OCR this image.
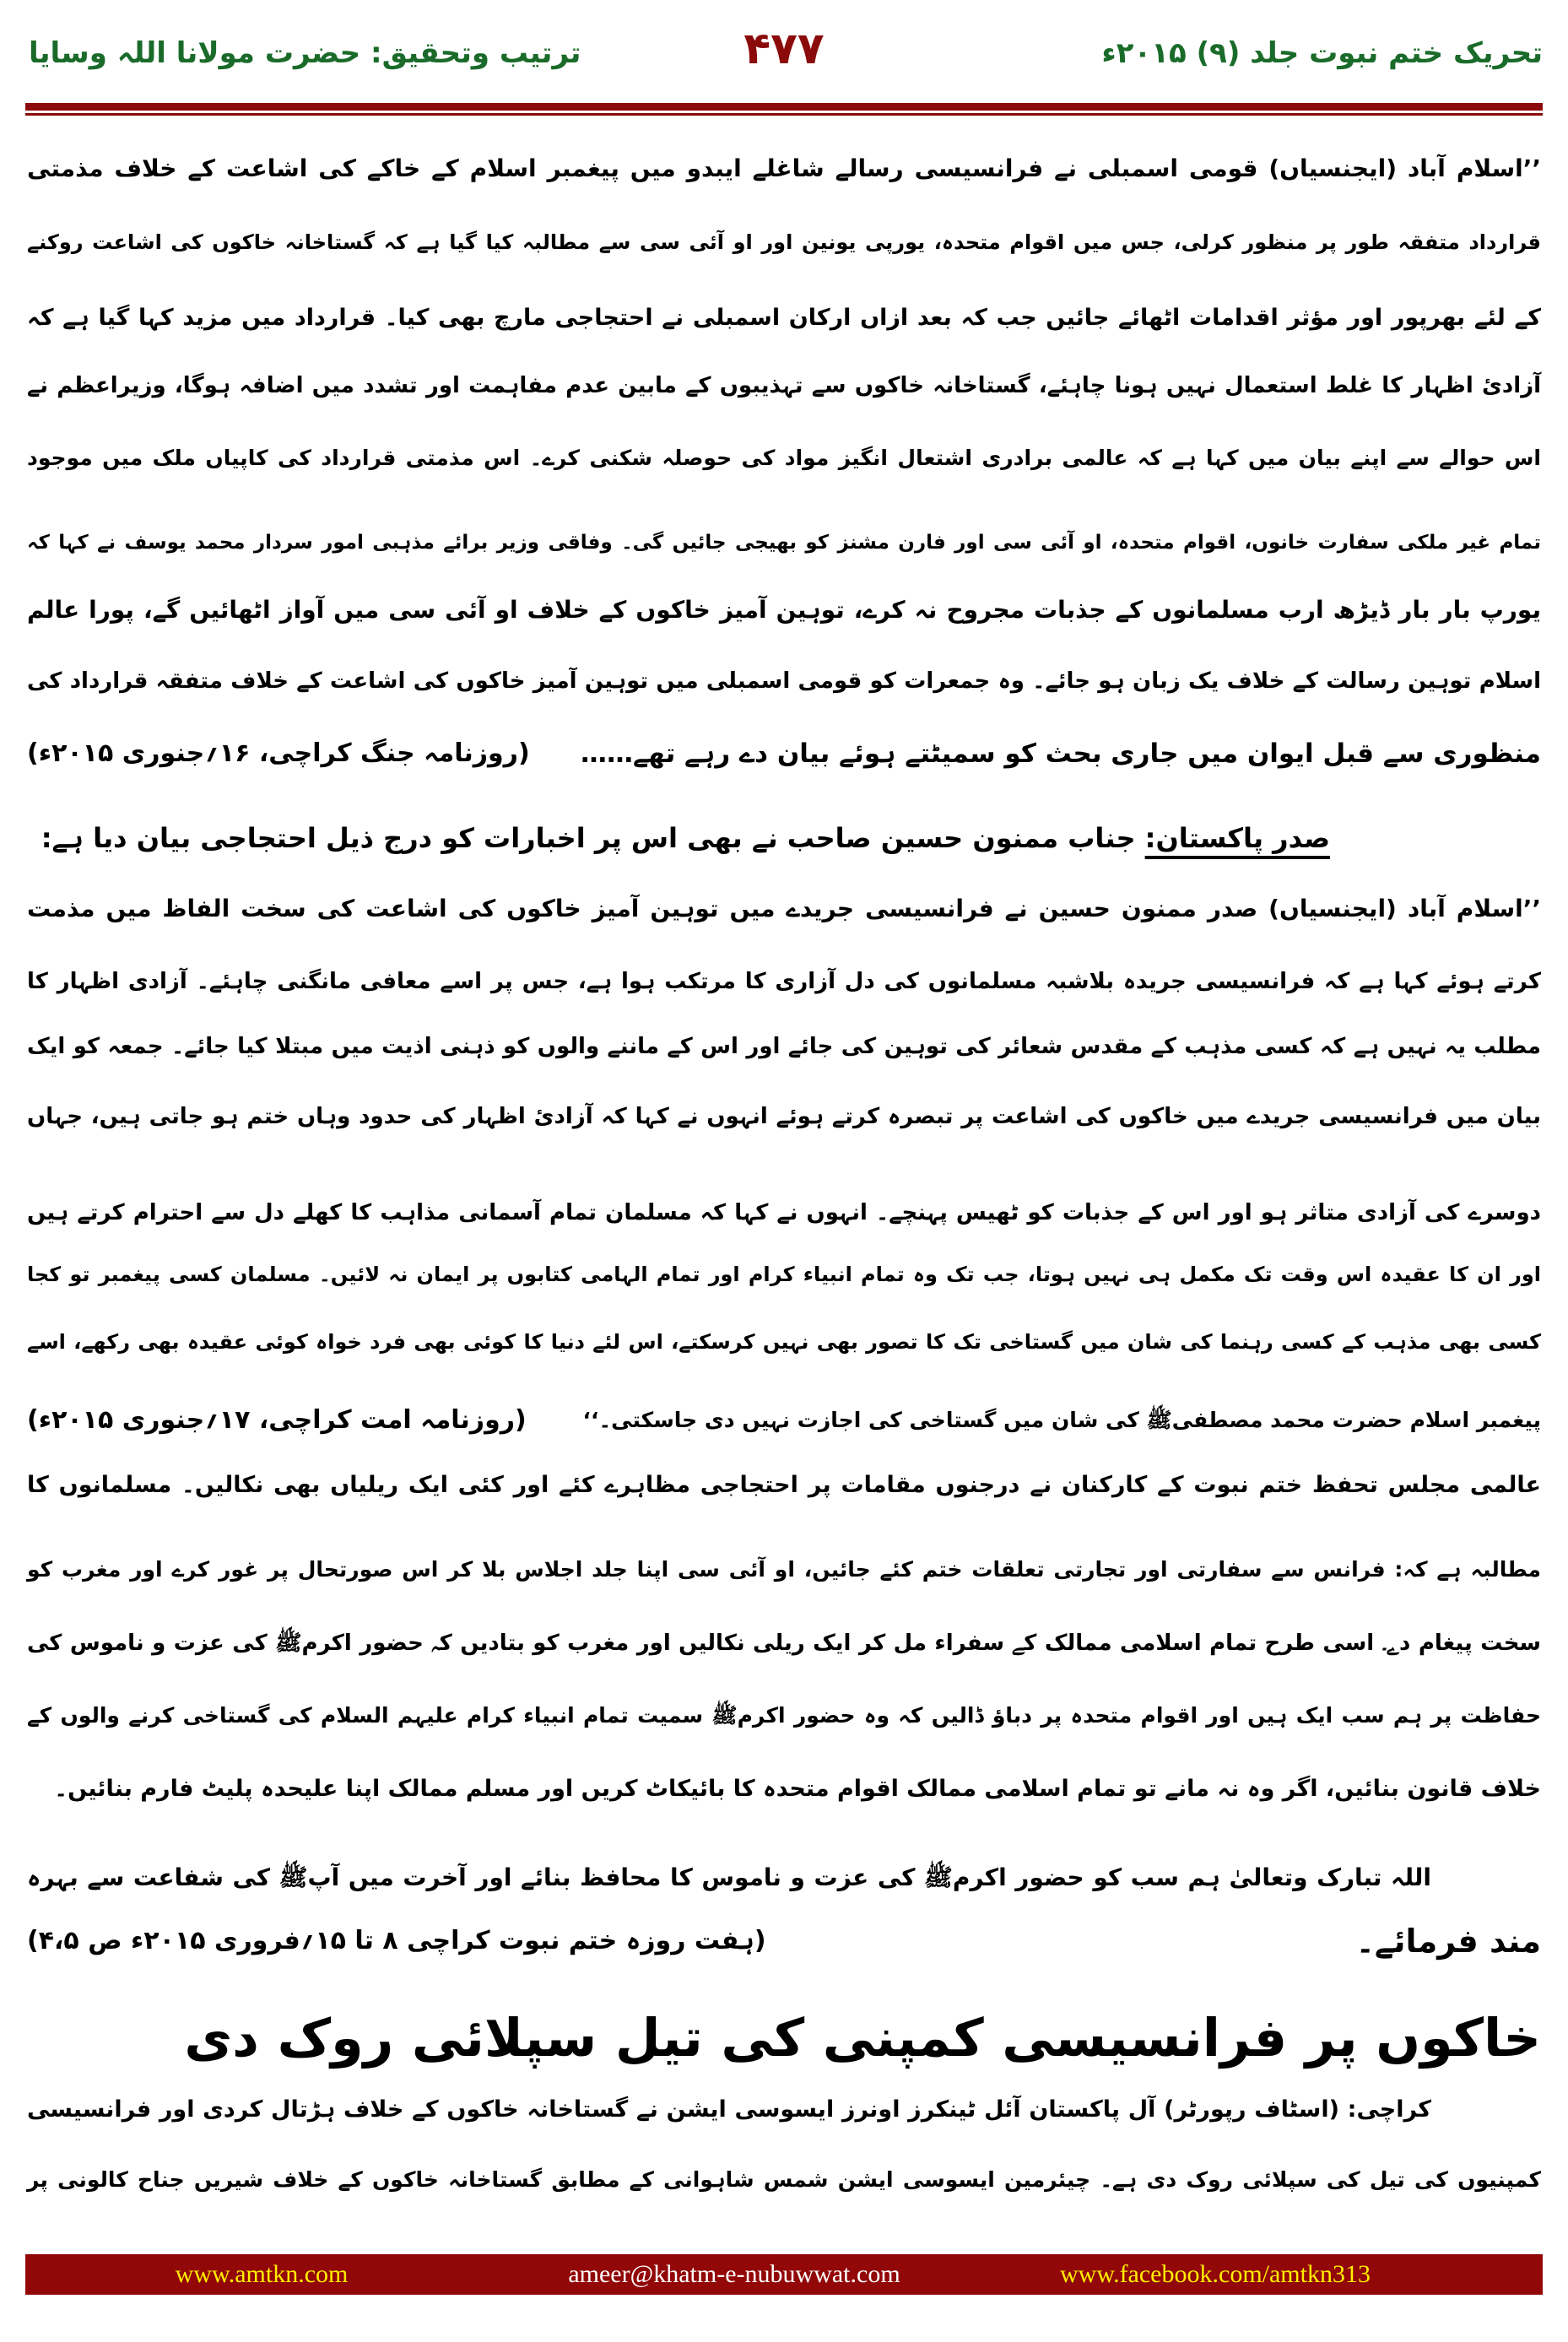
تحریک ختم نبوت جلد (۹) ۲۰۱۵ء
۴۷۷
ترتیب وتحقیق: حضرت مولانا اللہ وسایا
’’اسلام آباد (ایجنسیاں) قومی اسمبلی نے فرانسیسی رسالے شاغلے ایبدو میں پیغمبر اسلام کے خاکے کی اشاعت کے خلاف مذمتی
قرارداد متفقہ طور پر منظور کرلی، جس میں اقوام متحدہ، یورپی یونین اور او آئی سی سے مطالبہ کیا گیا ہے کہ گستاخانہ خاکوں کی اشاعت روکنے
کے لئے بھرپور اور مؤثر اقدامات اٹھائے جائیں جب کہ بعد ازاں ارکان اسمبلی نے احتجاجی مارچ بھی کیا۔ قرارداد میں مزید کہا گیا ہے کہ
آزادیٔ اظہار کا غلط استعمال نہیں ہونا چاہئے، گستاخانہ خاکوں سے تہذیبوں کے مابین عدم مفاہمت اور تشدد میں اضافہ ہوگا، وزیراعظم نے
اس حوالے سے اپنے بیان میں کہا ہے کہ عالمی برادری اشتعال انگیز مواد کی حوصلہ شکنی کرے۔ اس مذمتی قرارداد کی کاپیاں ملک میں موجود
تمام غیر ملکی سفارت خانوں، اقوام متحدہ، او آئی سی اور فارن مشنز کو بھیجی جائیں گی۔ وفاقی وزیر برائے مذہبی امور سردار محمد یوسف نے کہا کہ
یورپ بار بار ڈیڑھ ارب مسلمانوں کے جذبات مجروح نہ کرے، توہین آمیز خاکوں کے خلاف او آئی سی میں آواز اٹھائیں گے، پورا عالم
اسلام توہین رسالت کے خلاف یک زبان ہو جائے۔ وہ جمعرات کو قومی اسمبلی میں توہین آمیز خاکوں کی اشاعت کے خلاف متفقہ قرارداد کی
منظوری سے قبل ایوان میں جاری بحث کو سمیٹتے ہوئے بیان دے رہے تھے……
(روزنامہ جنگ کراچی، ۱۶؍جنوری ۲۰۱۵ء)
صدر پاکستان: جناب ممنون حسین صاحب نے بھی اس پر اخبارات کو درج ذیل احتجاجی بیان دیا ہے:
’’اسلام آباد (ایجنسیاں) صدر ممنون حسین نے فرانسیسی جریدے میں توہین آمیز خاکوں کی اشاعت کی سخت الفاظ میں مذمت
کرتے ہوئے کہا ہے کہ فرانسیسی جریدہ بلاشبہ مسلمانوں کی دل آزاری کا مرتکب ہوا ہے، جس پر اسے معافی مانگنی چاہئے۔ آزادی اظہار کا
مطلب یہ نہیں ہے کہ کسی مذہب کے مقدس شعائر کی توہین کی جائے اور اس کے ماننے والوں کو ذہنی اذیت میں مبتلا کیا جائے۔ جمعہ کو ایک
بیان میں فرانسیسی جریدے میں خاکوں کی اشاعت پر تبصرہ کرتے ہوئے انہوں نے کہا کہ آزادیٔ اظہار کی حدود وہاں ختم ہو جاتی ہیں، جہاں
دوسرے کی آزادی متاثر ہو اور اس کے جذبات کو ٹھیس پہنچے۔ انہوں نے کہا کہ مسلمان تمام آسمانی مذاہب کا کھلے دل سے احترام کرتے ہیں
اور ان کا عقیدہ اس وقت تک مکمل ہی نہیں ہوتا، جب تک وہ تمام انبیاء کرام اور تمام الہامی کتابوں پر ایمان نہ لائیں۔ مسلمان کسی پیغمبر تو کجا
کسی بھی مذہب کے کسی رہنما کی شان میں گستاخی تک کا تصور بھی نہیں کرسکتے، اس لئے دنیا کا کوئی بھی فرد خواہ کوئی عقیدہ بھی رکھے، اسے
پیغمبر اسلام حضرت محمد مصطفیﷺ کی شان میں گستاخی کی اجازت نہیں دی جاسکتی۔‘‘
(روزنامہ امت کراچی، ۱۷؍جنوری ۲۰۱۵ء)
عالمی مجلس تحفظ ختم نبوت کے کارکنان نے درجنوں مقامات پر احتجاجی مظاہرے کئے اور کئی ایک ریلیاں بھی نکالیں۔ مسلمانوں کا
مطالبہ ہے کہ: فرانس سے سفارتی اور تجارتی تعلقات ختم کئے جائیں، او آئی سی اپنا جلد اجلاس بلا کر اس صورتحال پر غور کرے اور مغرب کو
سخت پیغام دے۔ اسی طرح تمام اسلامی ممالک کے سفراء مل کر ایک ریلی نکالیں اور مغرب کو بتادیں کہ حضور اکرمﷺ کی عزت و ناموس کی
حفاظت پر ہم سب ایک ہیں اور اقوام متحدہ پر دباؤ ڈالیں کہ وہ حضور اکرمﷺ سمیت تمام انبیاء کرام علیہم السلام کی گستاخی کرنے والوں کے
خلاف قانون بنائیں، اگر وہ نہ مانے تو تمام اسلامی ممالک اقوام متحدہ کا بائیکاٹ کریں اور مسلم ممالک اپنا علیحدہ پلیٹ فارم بنائیں۔
اللہ تبارک وتعالیٰ ہم سب کو حضور اکرمﷺ کی عزت و ناموس کا محافظ بنائے اور آخرت میں آپﷺ کی شفاعت سے بہرہ
مند فرمائے۔
(ہفت روزہ ختم نبوت کراچی ۸ تا ۱۵؍فروری ۲۰۱۵ء ص ۴،۵)
کراچی: (اسٹاف رپورٹر) آل پاکستان آئل ٹینکرز اونرز ایسوسی ایشن نے گستاخانہ خاکوں کے خلاف ہڑتال کردی اور فرانسیسی
کمپنیوں کی تیل کی سپلائی روک دی ہے۔ چیئرمین ایسوسی ایشن شمس شاہوانی کے مطابق گستاخانہ خاکوں کے خلاف شیریں جناح کالونی پر
خاکوں پر فرانسیسی کمپنی کی تیل سپلائی روک دی
www.amtkn.com	ameer@khatm-e-nubuwwat.com	www.facebook.com/amtkn313
